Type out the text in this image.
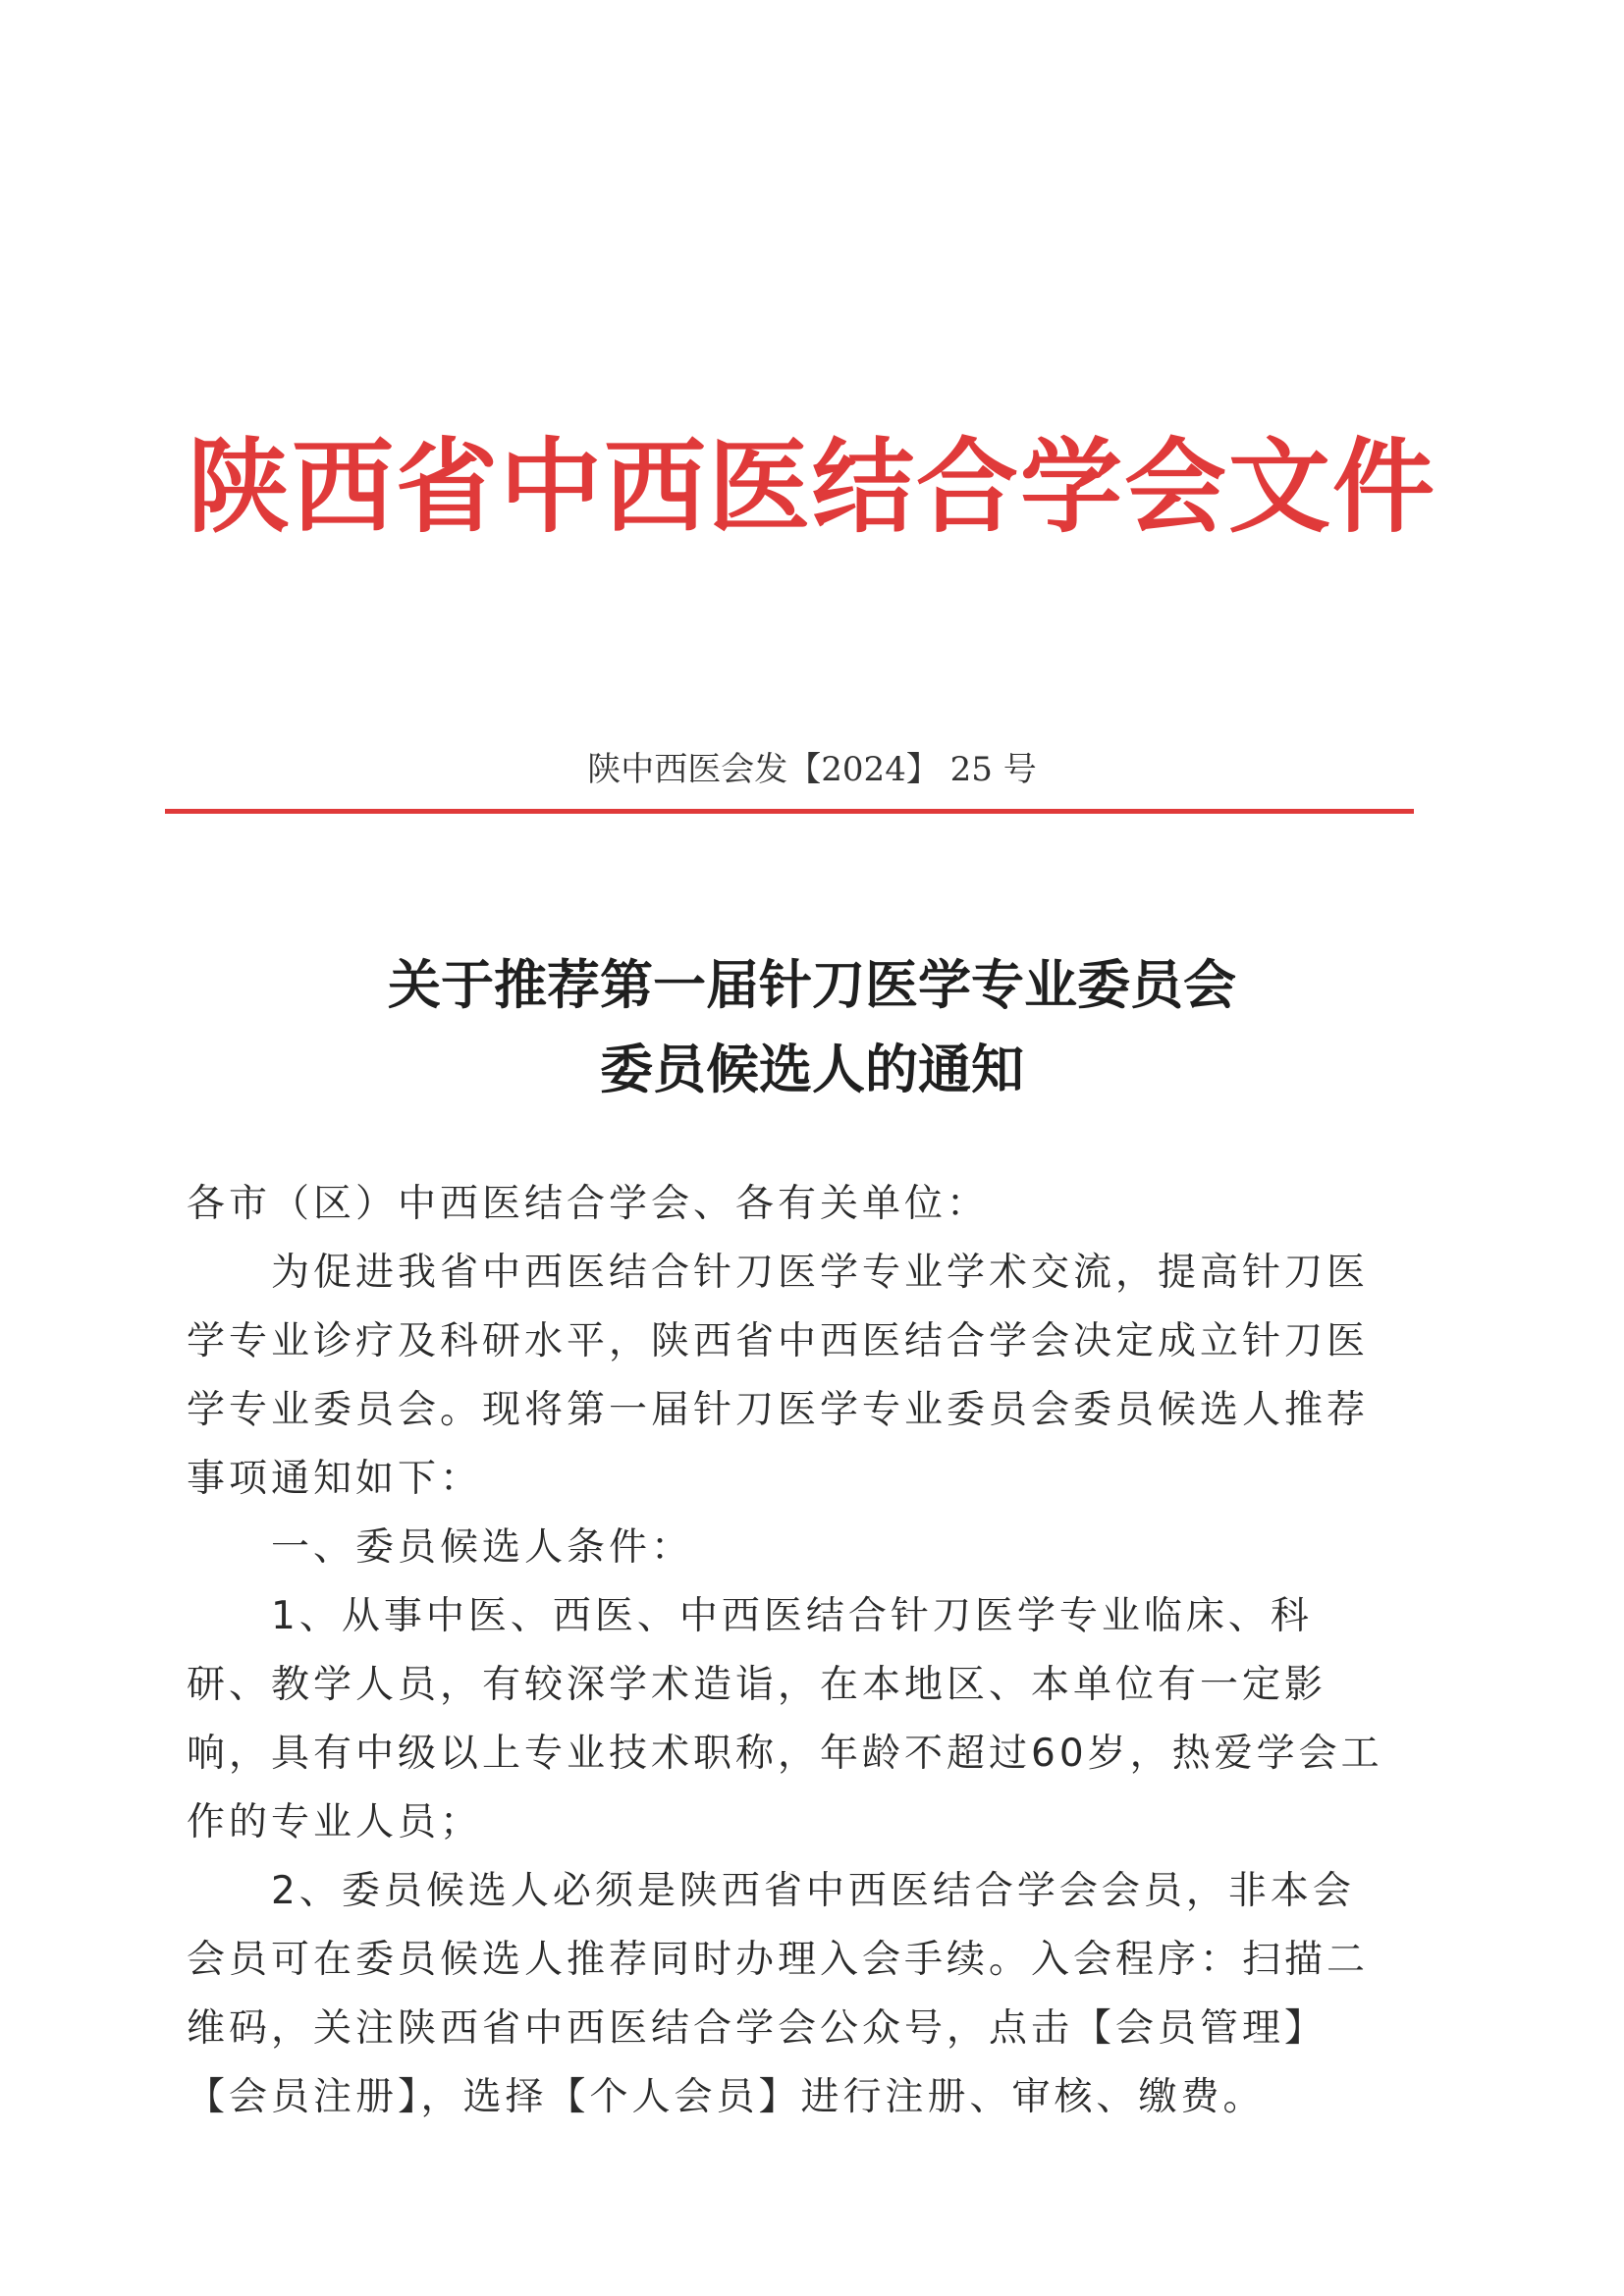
陕西省中西医结合学会文件
陕中西医会发【2024】 25 号
关于推荐第一届针刀医学专业委员会
委员候选人的通知

各市（区）中西医结合学会、各有关单位：

为促进我省中西医结合针刀医学专业学术交流，提高针刀医学专业诊疗及科研水平，陕西省中西医结合学会决定成立针刀医学专业委员会。现将第一届针刀医学专业委员会委员候选人推荐事项通知如下：

一、委员候选人条件：

1、从事中医、西医、中西医结合针刀医学专业临床、科研、教学人员，有较深学术造诣，在本地区、本单位有一定影响，具有中级以上专业技术职称，年龄不超过60岁，热爱学会工作的专业人员；

2、委员候选人必须是陕西省中西医结合学会会员，非本会会员可在委员候选人推荐同时办理入会手续。入会程序：扫描二维码，关注陕西省中西医结合学会公众号，点击【会员管理】【会员注册】，选择【个人会员】进行注册、审核、缴费。
